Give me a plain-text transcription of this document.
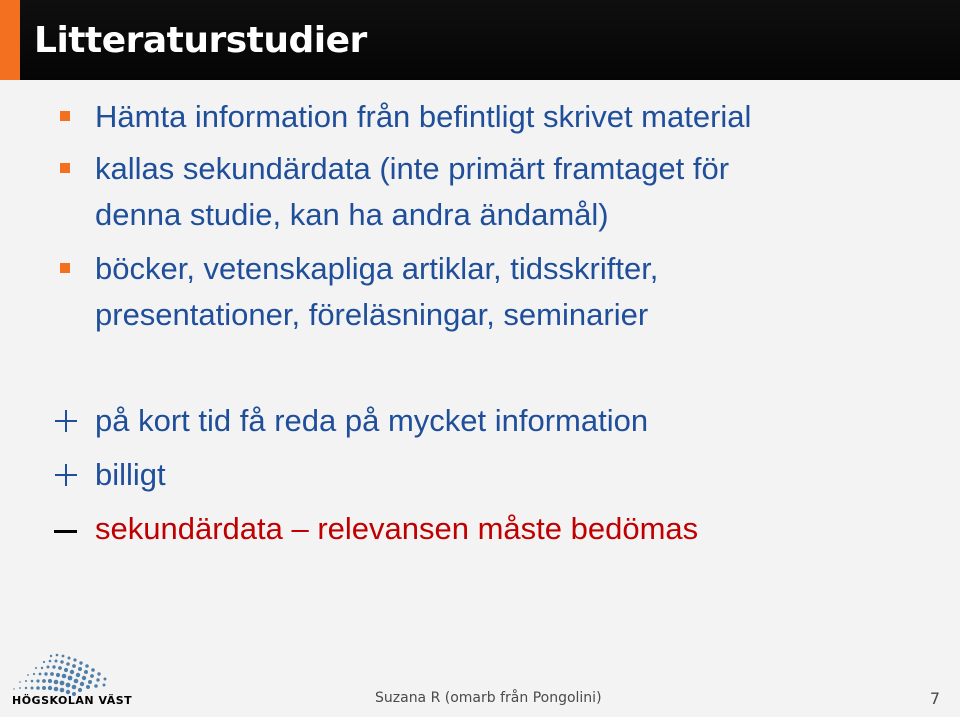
Litteraturstudier
Hämta information från befintligt skrivet material
kallas sekundärdata (inte primärt framtaget för
denna studie, kan ha andra ändamål)
böcker, vetenskapliga artiklar, tidsskrifter,
presentationer, föreläsningar, seminarier
på kort tid få reda på mycket information
billigt
sekundärdata – relevansen måste bedömas
HÖGSKOLAN VÄST	Suzana R (omarb från Pongolini)	7
